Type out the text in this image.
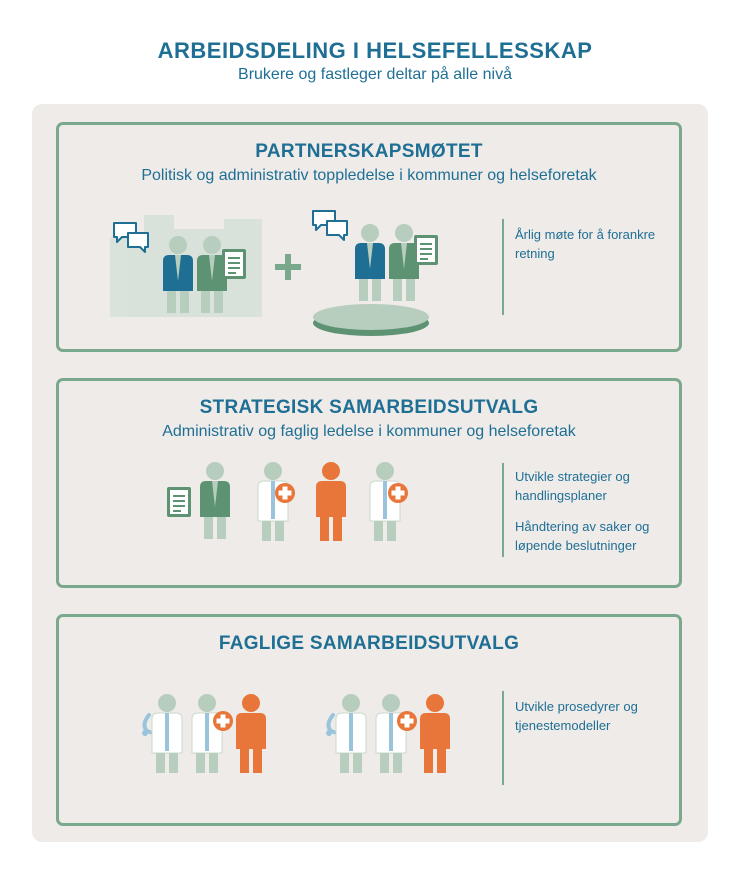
ARBEIDSDELING I HELSEFELLESSKAP
Brukere og fastleger deltar på alle nivå
PARTNERSKAPSMØTET
Politisk og administrativ toppledelse i kommuner og helseforetak
Årlig møte for å forankre retning
STRATEGISK SAMARBEIDSUTVALG
Administrativ og faglig ledelse i kommuner og helseforetak
Utvikle strategier og handlingsplaner
Håndtering av saker og løpende beslutninger
FAGLIGE SAMARBEIDSUTVALG
Utvikle prosedyrer og tjenestemodeller
